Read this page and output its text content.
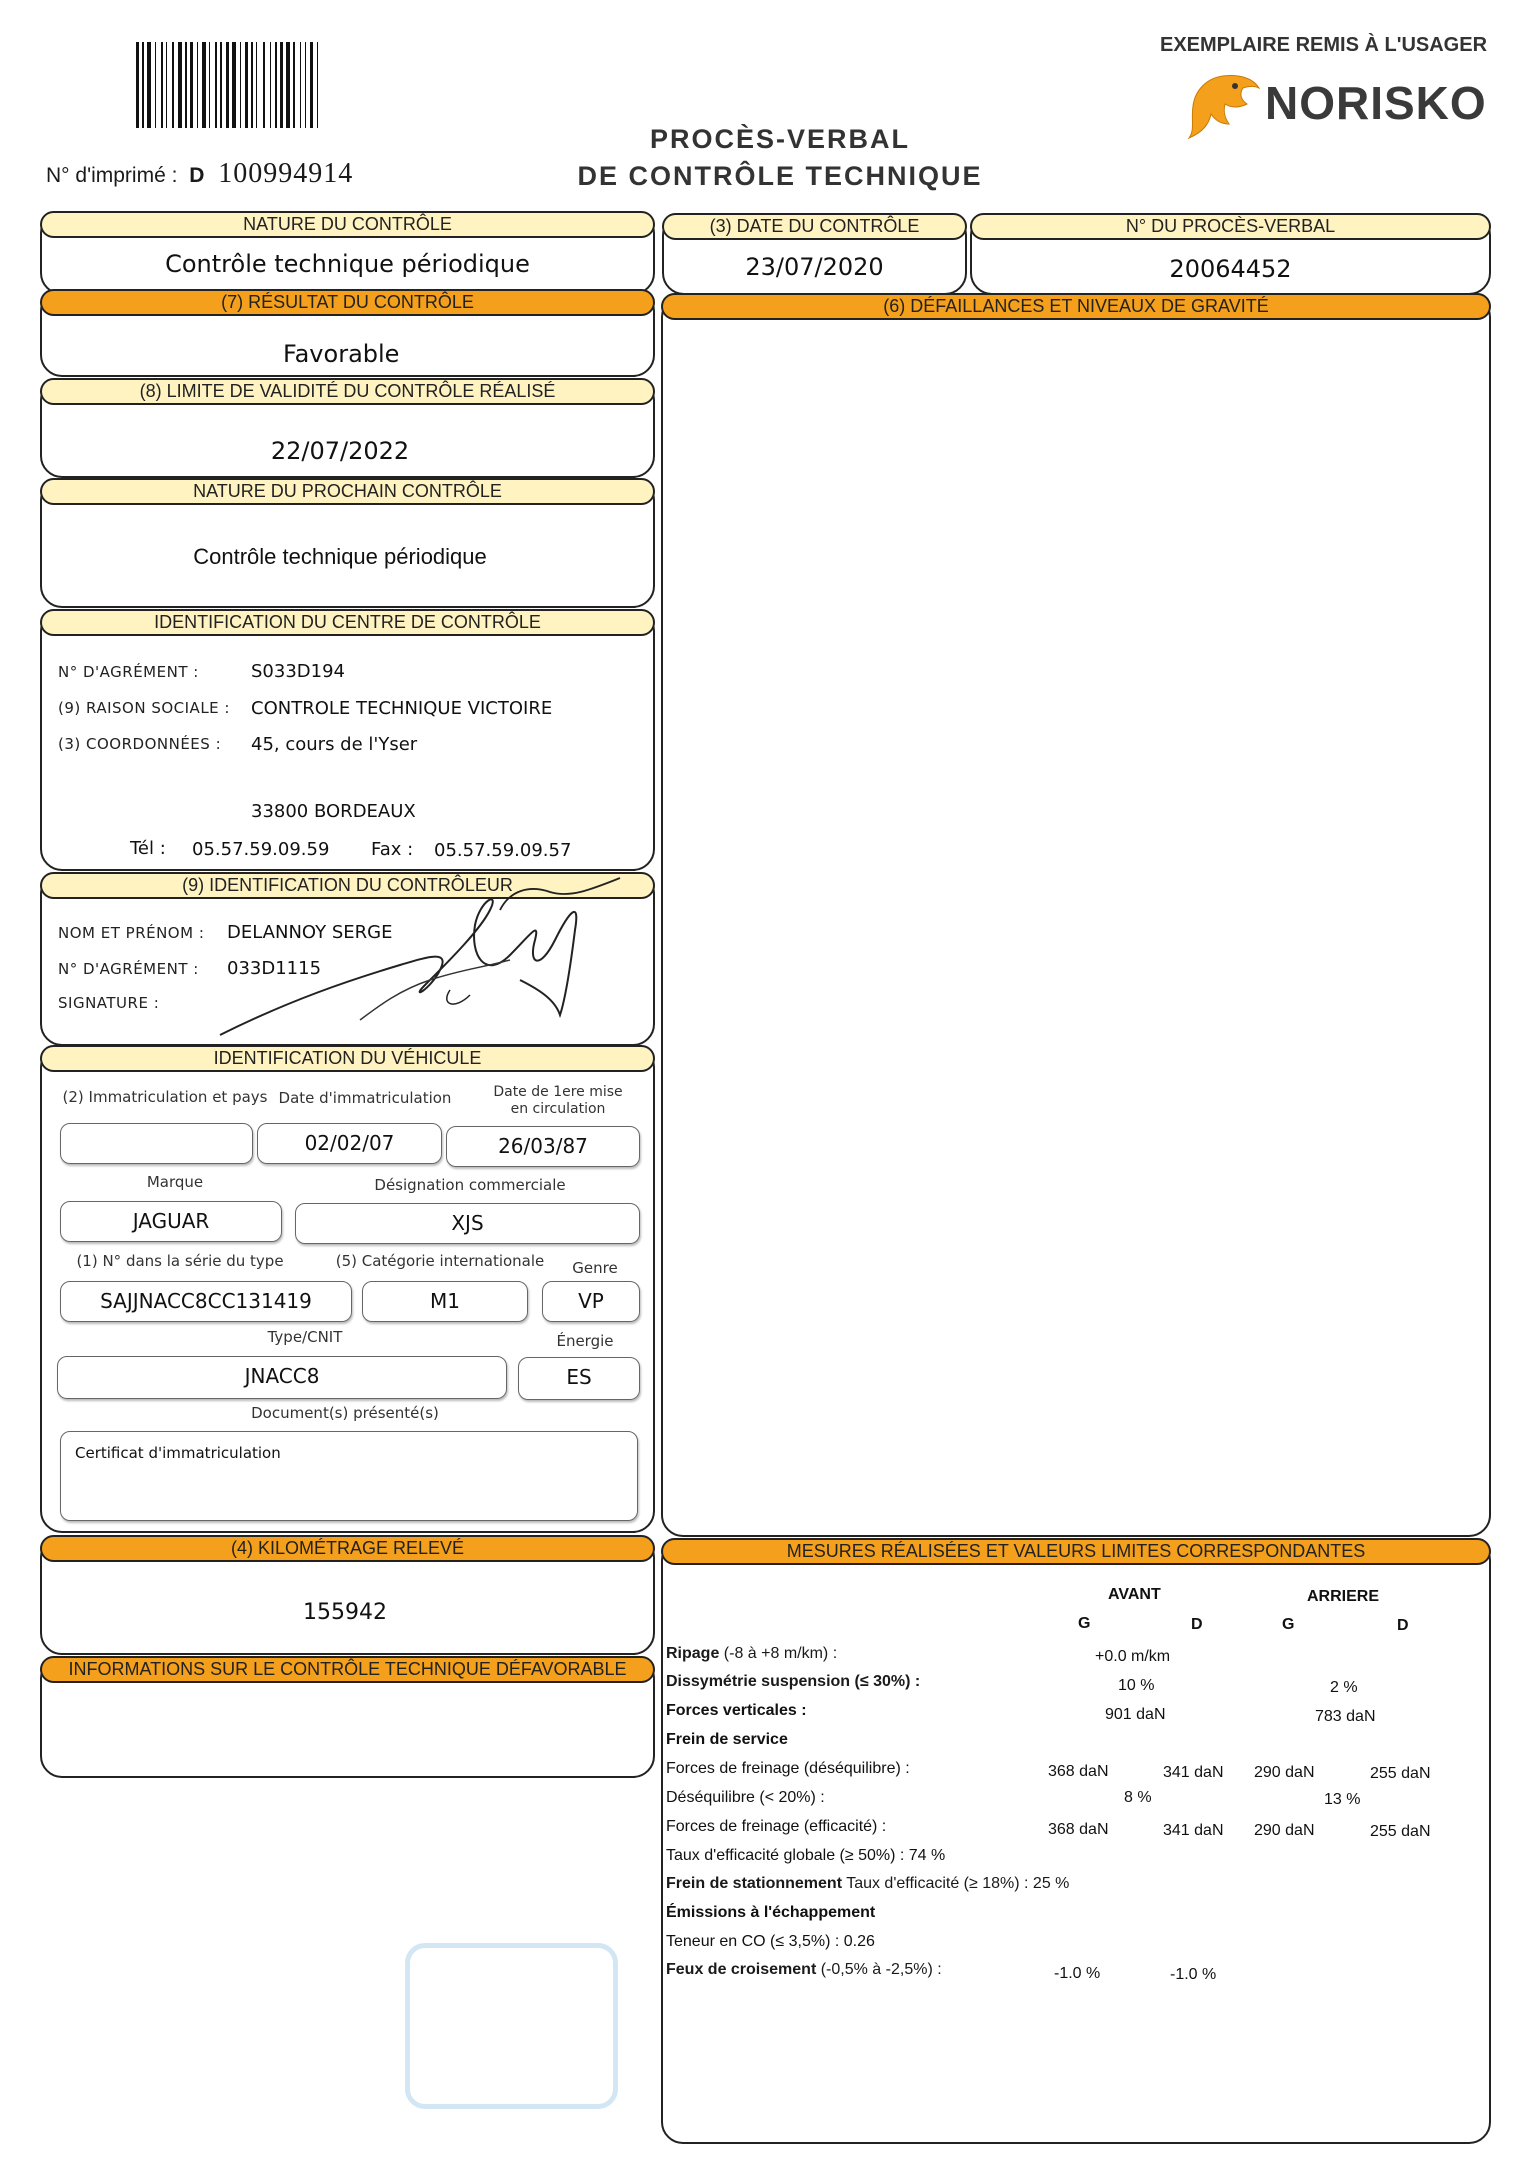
N° d'imprimé : D 100994914
PROCÈS-VERBAL
DE CONTRÔLE TECHNIQUE
EXEMPLAIRE REMIS À L'USAGER
NORISKO
NATURE DU CONTRÔLE
Contrôle technique périodique
(3) DATE DU CONTRÔLE
23/07/2020
N° DU PROCÈS-VERBAL
20064452
(7) RÉSULTAT DU CONTRÔLE
Favorable
(6) DÉFAILLANCES ET NIVEAUX DE GRAVITÉ
(8) LIMITE DE VALIDITÉ DU CONTRÔLE RÉALISÉ
22/07/2022
NATURE DU PROCHAIN CONTRÔLE
Contrôle technique périodique
IDENTIFICATION DU CENTRE DE CONTRÔLE
N° D'AGRÉMENT :	S033D194
(9) RAISON SOCIALE : CONTROLE TECHNIQUE VICTOIRE
(3) COORDONNÉES : 45, cours de l'Yser
33800 BORDEAUX
Tél : 05.57.59.09.59 Fax : 05.57.59.09.57
(9) IDENTIFICATION DU CONTRÔLEUR
NOM ET PRÉNOM : DELANNOY SERGE
N° D'AGRÉMENT : 033D1115
SIGNATURE :
IDENTIFICATION DU VÉHICULE
(2) Immatriculation et pays Date d'immatriculation	Date de 1ere mise
en circulation
02/02/07	26/03/87
Marque	Désignation commerciale
JAGUAR	XJS
(1) N° dans la série du type	(5) Catégorie internationale	Genre
SAJJNACC8CC131419	M1	VP
Type/CNIT	Énergie
JNACC8	ES
Document(s) présenté(s)
Certificat d'immatriculation
(4) KILOMÉTRAGE RELEVÉ
155942
INFORMATIONS SUR LE CONTRÔLE TECHNIQUE DÉFAVORABLE
MESURES RÉALISÉES ET VALEURS LIMITES CORRESPONDANTES
AVANT	ARRIERE
G	D	G	D
Ripage (-8 à +8 m/km) :	+0.0 m/km
Dissymétrie suspension (≤ 30%) :	10 %	2 %
Forces verticales :	901 daN	783 daN
Frein de service
Forces de freinage (déséquilibre) :	368 daN	341 daN 290 daN	255 daN
Déséquilibre (< 20%) :	8 %	13 %
Forces de freinage (efficacité) :	368 daN	341 daN 290 daN	255 daN
Taux d'efficacité globale (≥ 50%) : 74 %
Frein de stationnement Taux d'efficacité (≥ 18%) : 25 %
Émissions à l'échappement
Teneur en CO (≤ 3,5%) : 0.26
Feux de croisement (-0,5% à -2,5%) :	-1.0 %	-1.0 %
